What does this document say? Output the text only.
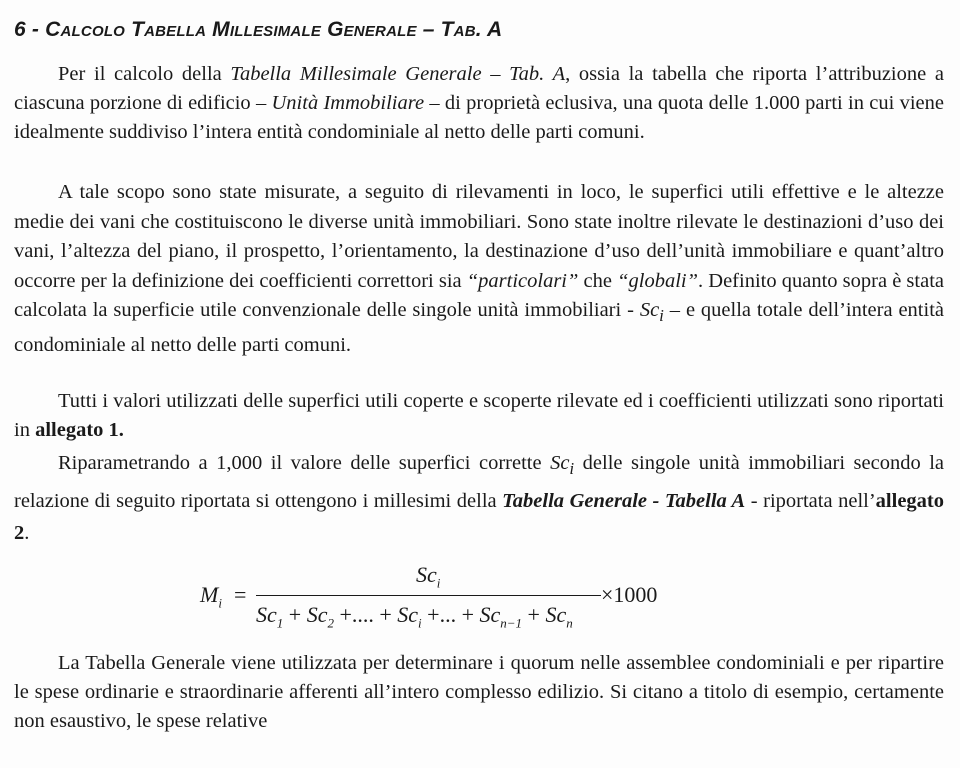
6 - Calcolo Tabella Millesimale Generale – Tab. A

Per il calcolo della Tabella Millesimale Generale – Tab. A, ossia la tabella che riporta l’attribuzione a ciascuna porzione di edificio – Unità Immobiliare – di proprietà eclusiva, una quota delle 1.000 parti in cui viene idealmente suddiviso l’intera entità condominiale al netto delle parti comuni.

A tale scopo sono state misurate, a seguito di rilevamenti in loco, le superfici utili effettive e le altezze medie dei vani che costituiscono le diverse unità immobiliari. Sono state inoltre rilevate le destinazioni d’uso dei vani, l’altezza del piano, il prospetto, l’orientamento, la destinazione d’uso dell’unità immobiliare e quant’altro occorre per la definizione dei coefficienti correttori sia “particolari” che “globali”. Definito quanto sopra è stata calcolata la superficie utile convenzionale delle singole unità immobiliari - $Sc_i$ – e quella totale dell’intera entità condominiale al netto delle parti comuni.

Tutti i valori utilizzati delle superfici utili coperte e scoperte rilevate ed i coefficienti utilizzati sono riportati in allegato 1.

Riparametrando a 1,000 il valore delle superfici corrette $Sc_i$ delle singole unità immobiliari secondo la relazione di seguito riportata si ottengono i millesimi della Tabella Generale - Tabella A - riportata nell’allegato 2.

$M_i$ =
$Sc_i$
$Sc_1 + Sc_2$ +.... + $Sc_i$ +... + $Sc_{n-1} + Sc_n$
×1000

La Tabella Generale viene utilizzata per determinare i quorum nelle assemblee condominiali e per ripartire le spese ordinarie e straordinarie afferenti all’intero complesso edilizio. Si citano a titolo di esempio, certamente non esaustivo, le spese relative
